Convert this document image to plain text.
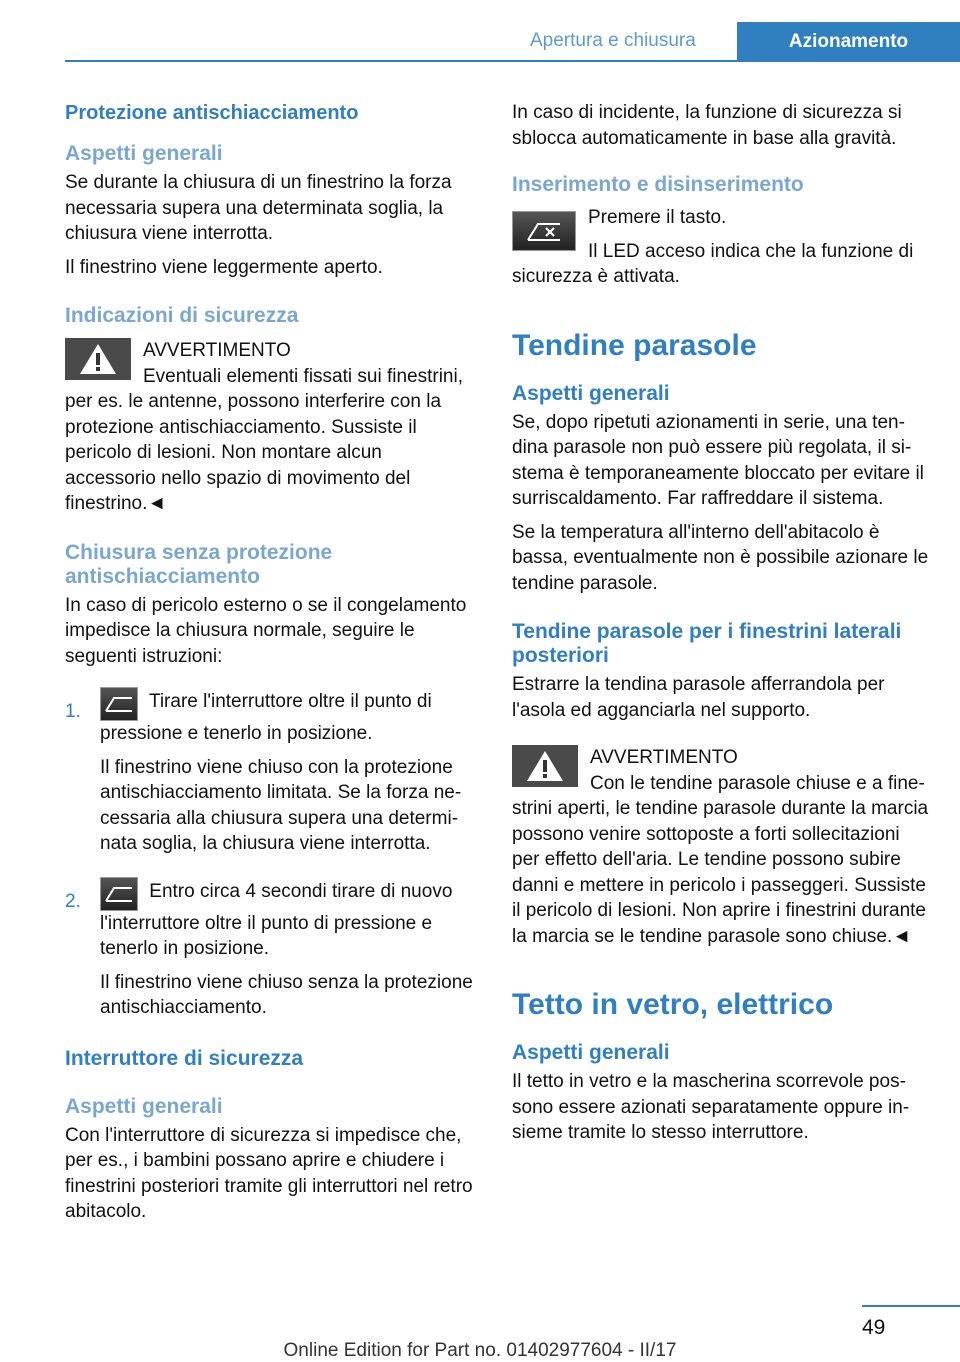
Apertura e chiusura	Azionamento
Protezione antischiacciamento
Aspetti generali

Se durante la chiusura di un finestrino la forza necessaria supera una determinata soglia, la chiusura viene interrotta.

Il finestrino viene leggermente aperto.

Indicazioni di sicurezza

AVVERTIMENTO

Eventuali elementi fissati sui finestrini, per es. le antenne, possono interferire con la protezione antischiacciamento. Sussiste il pericolo di lesioni. Non montare alcun accessorio nello spazio di movimento del finestrino.◄

Chiusura senza protezione antischiacciamento

In caso di pericolo esterno o se il congelamento impedisce la chiusura normale, seguire le seguenti istruzioni:

1.	Tirare l'interruttore oltre il punto di pressione e tenerlo in posizione.

Il finestrino viene chiuso con la protezione antischiacciamento limitata. Se la forza necessaria alla chiusura supera una determinata soglia, la chiusura viene interrotta.

2.	Entro circa 4 secondi tirare di nuovo l'interruttore oltre il punto di pressione e tenerlo in posizione.

Il finestrino viene chiuso senza la protezione antischiacciamento.

Interruttore di sicurezza
Aspetti generali

Con l'interruttore di sicurezza si impedisce che, per es., i bambini possano aprire e chiudere i finestrini posteriori tramite gli interruttori nel retro abitacolo.

In caso di incidente, la funzione di sicurezza si sblocca automaticamente in base alla gravità.

Inserimento e disinserimento

Premere il tasto.

Il LED acceso indica che la funzione di sicurezza è attivata.

Tendine parasole
Aspetti generali

Se, dopo ripetuti azionamenti in serie, una tendina parasole non può essere più regolata, il sistema è temporaneamente bloccato per evitare il surriscaldamento. Far raffreddare il sistema.

Se la temperatura all'interno dell'abitacolo è bassa, eventualmente non è possibile azionare le tendine parasole.

Tendine parasole per i finestrini laterali posteriori

Estrarre la tendina parasole afferrandola per l'asola ed agganciarla nel supporto.

AVVERTIMENTO

Con le tendine parasole chiuse e a finestrini aperti, le tendine parasole durante la marcia possono venire sottoposte a forti sollecitazioni per effetto dell'aria. Le tendine possono subire danni e mettere in pericolo i passeggeri. Sussiste il pericolo di lesioni. Non aprire i finestrini durante la marcia se le tendine parasole sono chiuse.◄

Tetto in vetro, elettrico
Aspetti generali

Il tetto in vetro e la mascherina scorrevole possono essere azionati separatamente oppure insieme tramite lo stesso interruttore.

49
Online Edition for Part no. 01402977604 - II/17
